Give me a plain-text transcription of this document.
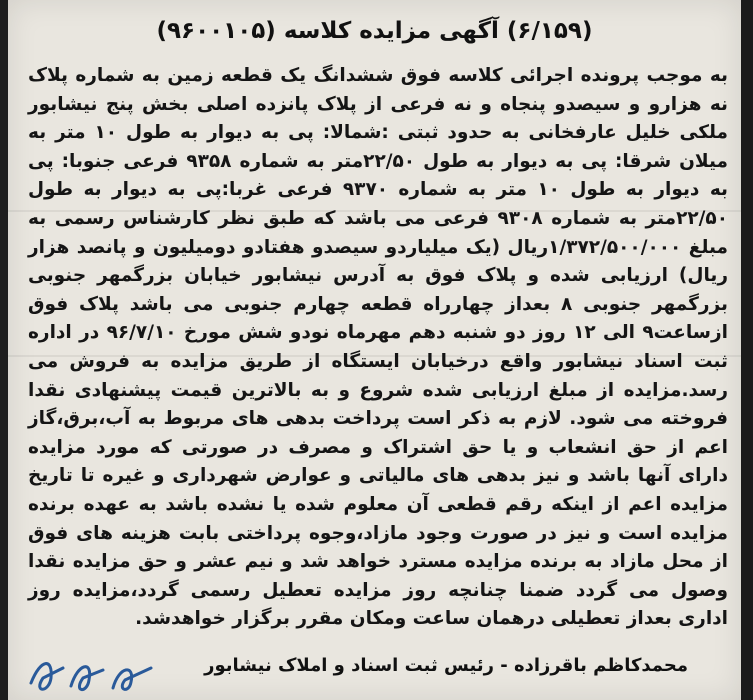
(۶/۱۵۹) آگهی مزایده کلاسه (۹۶۰۰۱۰۵)

به موجب پرونده اجرائی کلاسه فوق ششدانگ یک قطعه زمین به شماره پلاک نه هزارو و سیصدو پنجاه و نه فرعی از پلاک پانزده اصلی بخش پنج نیشابور ملکی خلیل عارفخانی به حدود ثبتی :شمالا: پی به دیوار به طول ۱۰ متر به میلان شرقا: پی به دیوار به طول ۲۲/۵۰متر به شماره ۹۳۵۸ فرعی جنوبا: پی به دیوار به طول ۱۰ متر به شماره ۹۳۷۰ فرعی غربا:پی به دیوار به طول ۲۲/۵۰متر به شماره ۹۳۰۸ فرعی می باشد که طبق نظر کارشناس رسمی به مبلغ ۱/۳۷۲/۵۰۰/۰۰۰ریال (یک میلیاردو سیصدو هفتادو دومیلیون و پانصد هزار ریال) ارزیابی شده و پلاک فوق به آدرس نیشابور خیابان بزرگمهر جنوبی بزرگمهر جنوبی ۸ بعداز چهارراه قطعه چهارم جنوبی می باشد پلاک فوق ازساعت۹ الی ۱۲ روز دو شنبه دهم مهرماه نودو شش مورخ ۹۶/۷/۱۰ در اداره ثبت اسناد نیشابور واقع درخیابان ایستگاه از طریق مزایده به فروش می رسد.مزایده از مبلغ ارزیابی شده شروع و به بالاترین قیمت پیشنهادی نقدا فروخته می شود. لازم به ذکر است پرداخت بدهی های مربوط به آب،برق،گاز اعم از حق انشعاب و یا حق اشتراک و مصرف در صورتی که مورد مزایده دارای آنها باشد و نیز بدهی های مالیاتی و عوارض شهرداری و غیره تا تاریخ مزایده اعم از اینکه رقم قطعی آن معلوم شده یا نشده باشد به عهده برنده مزایده است و نیز در صورت وجود مازاد،وجوه پرداختی بابت هزینه های فوق از محل مازاد به برنده مزایده مسترد خواهد شد و نیم عشر و حق مزایده نقدا وصول می گردد ضمنا چنانچه روز مزایده تعطیل رسمی گردد،مزایده روز اداری بعداز تعطیلی درهمان ساعت ومکان مقرر برگزار خواهدشد.

محمدکاظم باقرزاده - رئیس ثبت اسناد و املاک نیشابور
